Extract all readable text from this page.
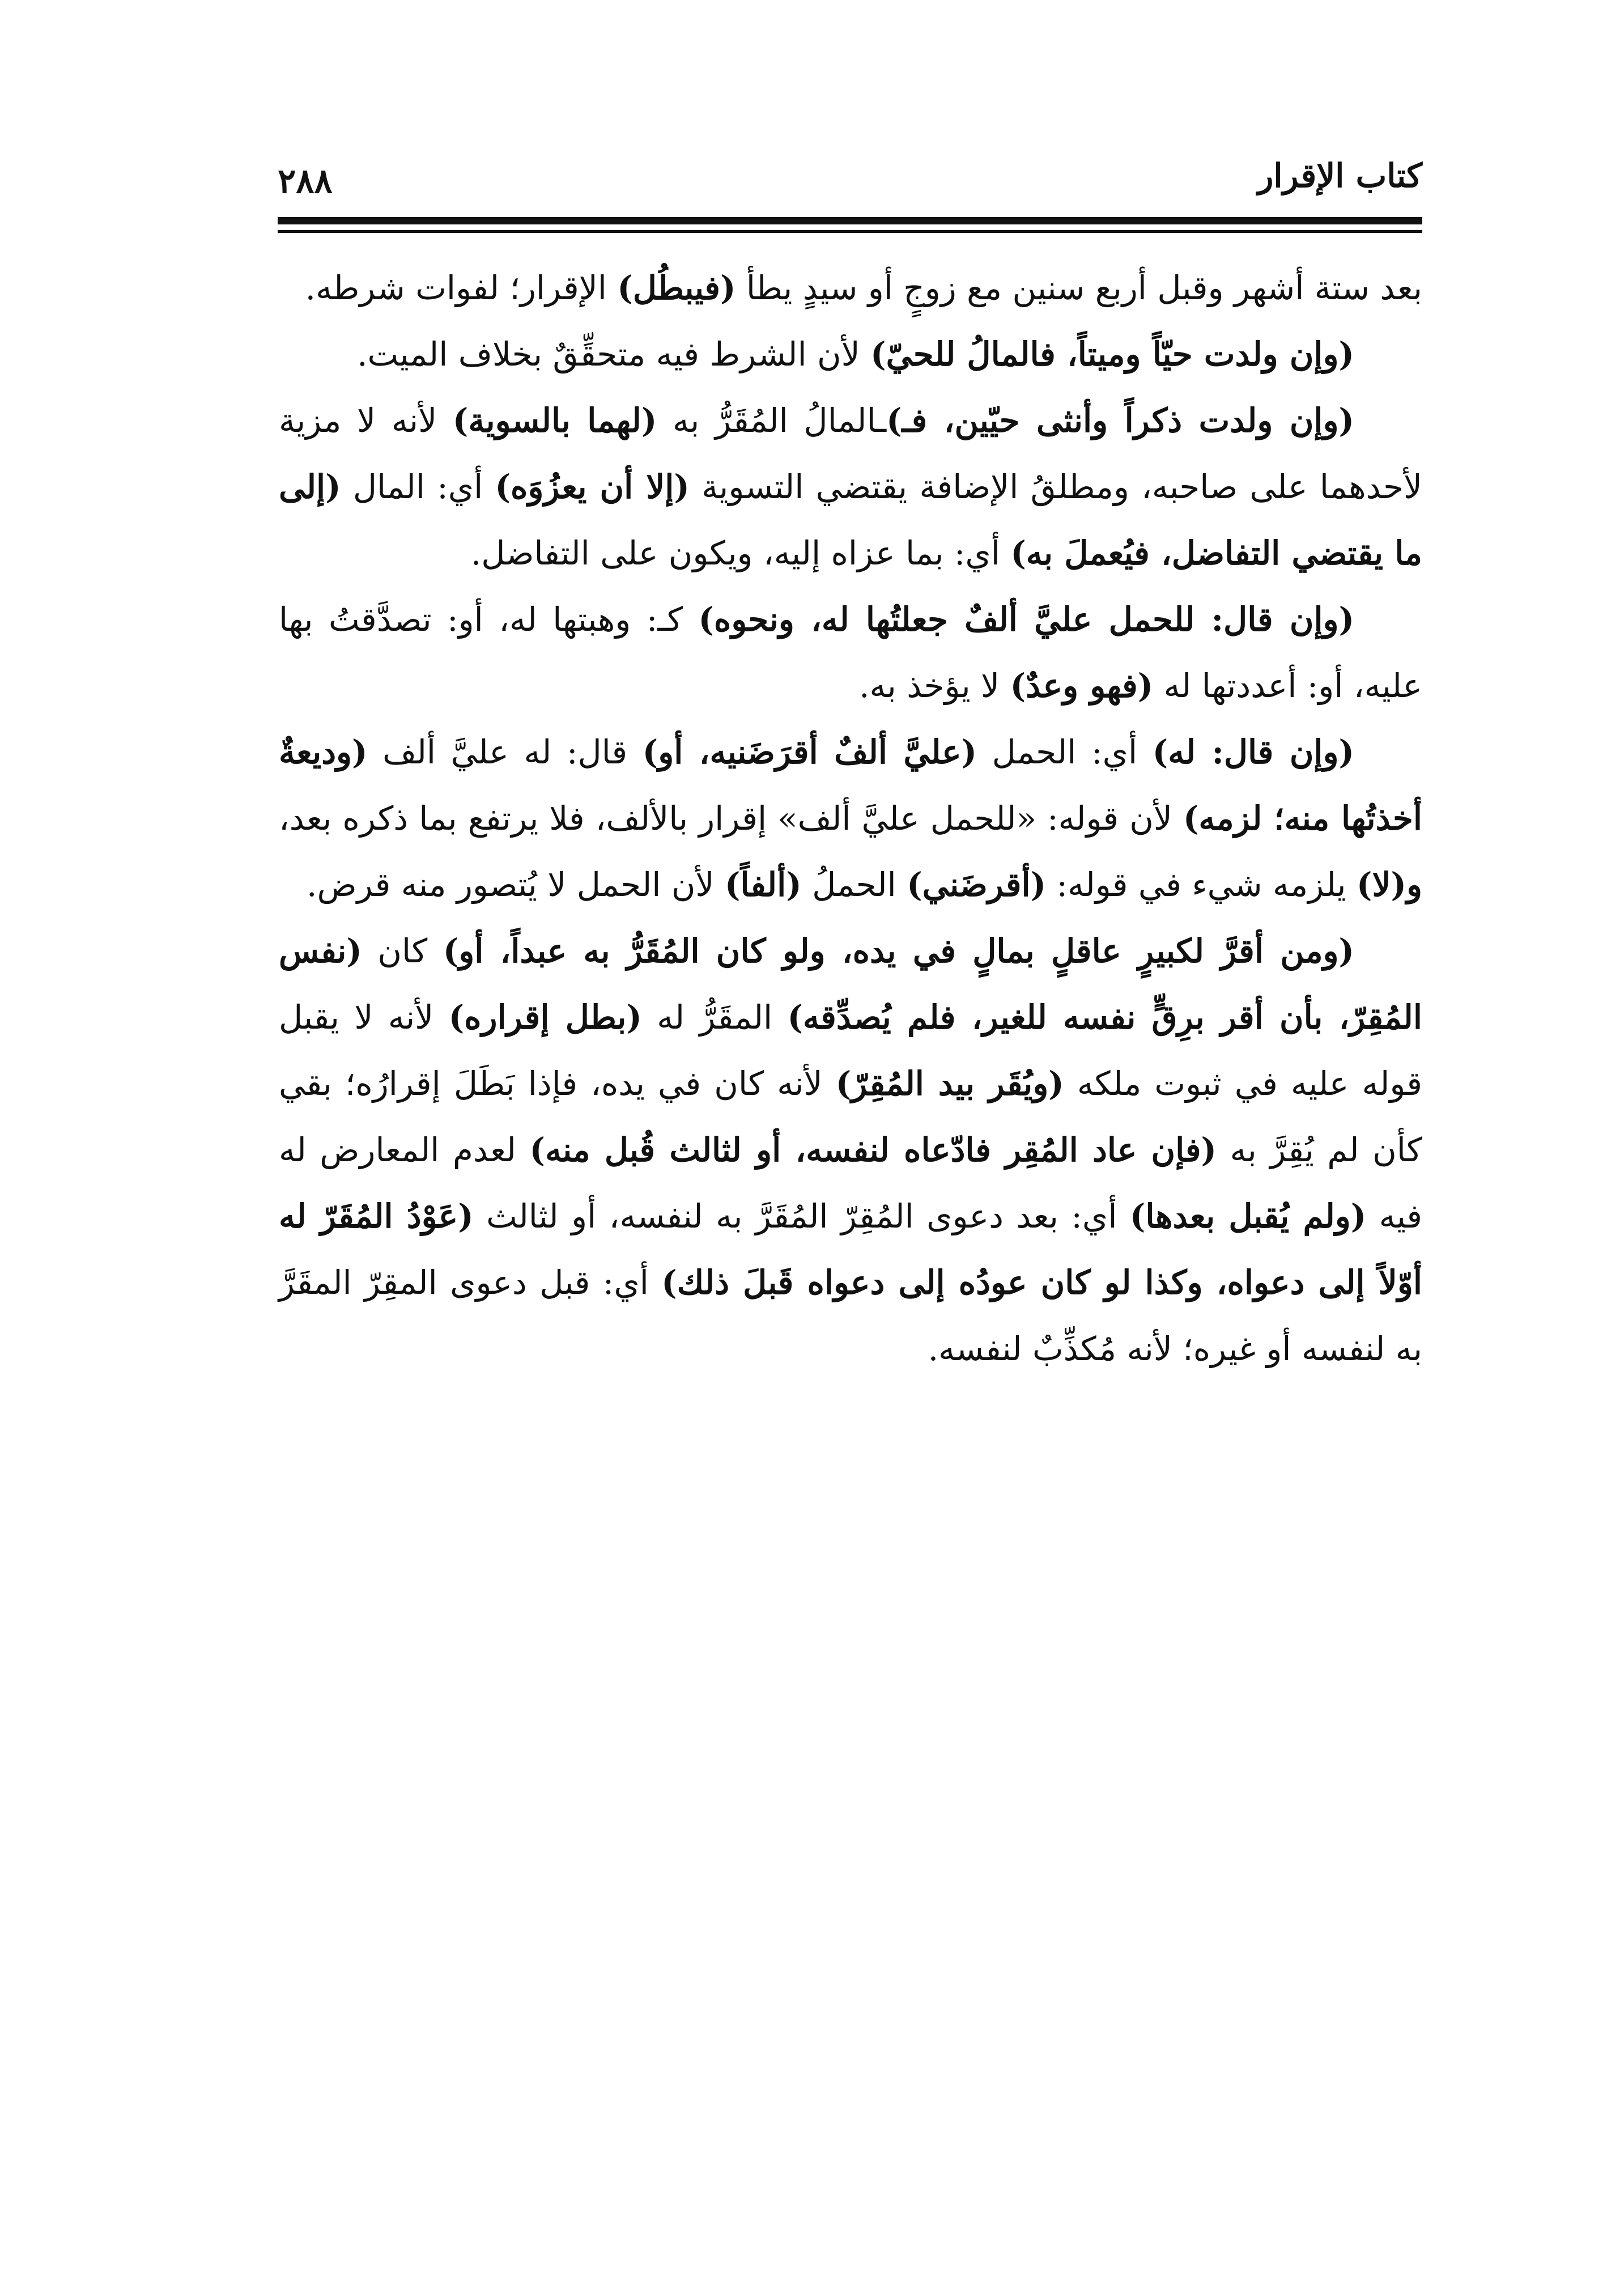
٢٨٨	كتاب الإقرار

بعد ستة أشهر وقبل أربع سنين مع زوجٍ أو سيدٍ يطأ (فيبطُل) الإقرار؛ لفوات شرطه.

(وإن ولدت حيّاً وميتاً، فالمالُ للحيّ) لأن الشرط فيه متحقِّقٌ بخلاف الميت.

(وإن ولدت ذكراً وأنثى حيّين، فـ)ـالمالُ المُقَرُّ به (لهما بالسوية) لأنه لا مزية لأحدهما على صاحبه، ومطلقُ الإضافة يقتضي التسوية (إلا أن يعزُوَه) أي: المال (إلى ما يقتضي التفاضل، فيُعملَ به) أي: بما عزاه إليه، ويكون على التفاضل.

(وإن قال: للحمل عليَّ ألفٌ جعلتُها له، ونحوه) كـ: وهبتها له، أو: تصدَّقتُ بها عليه، أو: أعددتها له (فهو وعدٌ) لا يؤخذ به.

(وإن قال: له) أي: الحمل (عليَّ ألفٌ أقرَضَنيه، أو) قال: له عليَّ ألف (وديعةٌ أخذتُها منه؛ لزمه) لأن قوله: «للحمل عليَّ ألف» إقرار بالألف، فلا يرتفع بما ذكره بعد، و(لا) يلزمه شيء في قوله: (أقرضَني) الحملُ (ألفاً) لأن الحمل لا يُتصور منه قرض.

(ومن أقرَّ لكبيرٍ عاقلٍ بمالٍ في يده، ولو كان المُقَرُّ به عبداً، أو) كان (نفس المُقِرّ، بأن أقر برِقٍّ نفسه للغير، فلم يُصدِّقه) المقَرُّ له (بطل إقراره) لأنه لا يقبل قوله عليه في ثبوت ملكه (ويُقَر بيد المُقِرّ) لأنه كان في يده، فإذا بَطَلَ إقرارُه؛ بقي كأن لم يُقِرَّ به (فإن عاد المُقِر فادّعاه لنفسه، أو لثالث قُبل منه) لعدم المعارض له فيه (ولم يُقبل بعدها) أي: بعد دعوى المُقِرّ المُقَرَّ به لنفسه، أو لثالث (عَوْدُ المُقَرّ له أوّلاً إلى دعواه، وكذا لو كان عودُه إلى دعواه قَبلَ ذلك) أي: قبل دعوى المقِرّ المقَرَّ به لنفسه أو غيره؛ لأنه مُكذِّبٌ لنفسه.
